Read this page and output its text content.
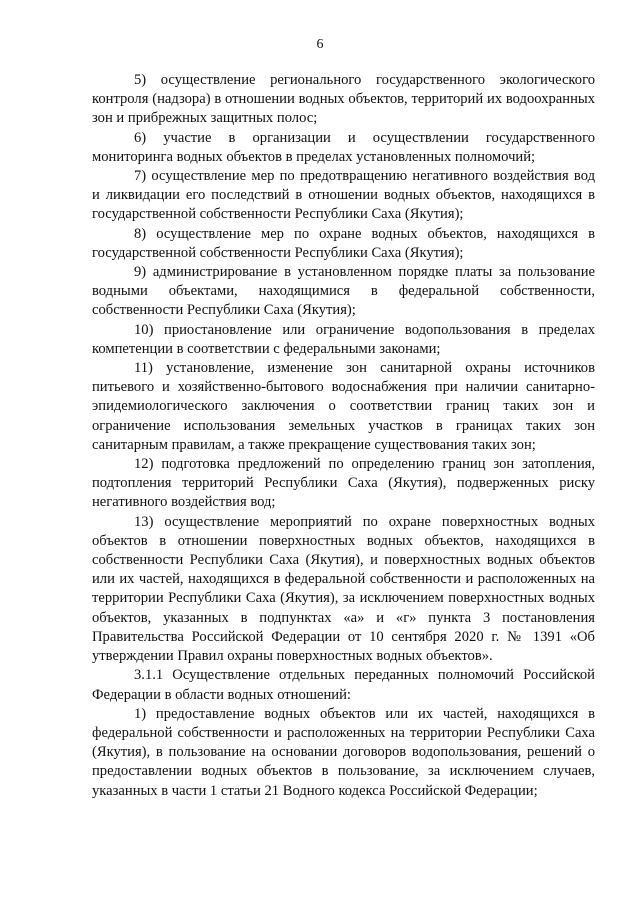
6

5) осуществление регионального государственного экологического контроля (надзора) в отношении водных объектов, территорий их водоохранных зон и прибрежных защитных полос;

6) участие в организации и осуществлении государственного мониторинга водных объектов в пределах установленных полномочий;

7) осуществление мер по предотвращению негативного воздействия вод и ликвидации его последствий в отношении водных объектов, находящихся в государственной собственности Республики Саха (Якутия);

8) осуществление мер по охране водных объектов, находящихся в государственной собственности Республики Саха (Якутия);

9) администрирование в установленном порядке платы за пользование водными объектами, находящимися в федеральной собственности, собственности Республики Саха (Якутия);

10) приостановление или ограничение водопользования в пределах компетенции в соответствии с федеральными законами;

11) установление, изменение зон санитарной охраны источников питьевого и хозяйственно-бытового водоснабжения при наличии санитарно-эпидемиологического заключения о соответствии границ таких зон и ограничение использования земельных участков в границах таких зон санитарным правилам, а также прекращение существования таких зон;

12) подготовка предложений по определению границ зон затопления, подтопления территорий Республики Саха (Якутия), подверженных риску негативного воздействия вод;

13) осуществление мероприятий по охране поверхностных водных объектов в отношении поверхностных водных объектов, находящихся в собственности Республики Саха (Якутия), и поверхностных водных объектов или их частей, находящихся в федеральной собственности и расположенных на территории Республики Саха (Якутия), за исключением поверхностных водных объектов, указанных в подпунктах «а» и «г» пункта 3 постановления Правительства Российской Федерации от 10 сентября 2020 г. № 1391 «Об утверждении Правил охраны поверхностных водных объектов».

3.1.1 Осуществление отдельных переданных полномочий Российской Федерации в области водных отношений:

1) предоставление водных объектов или их частей, находящихся в федеральной собственности и расположенных на территории Республики Саха (Якутия), в пользование на основании договоров водопользования, решений о предоставлении водных объектов в пользование, за исключением случаев, указанных в части 1 статьи 21 Водного кодекса Российской Федерации;
